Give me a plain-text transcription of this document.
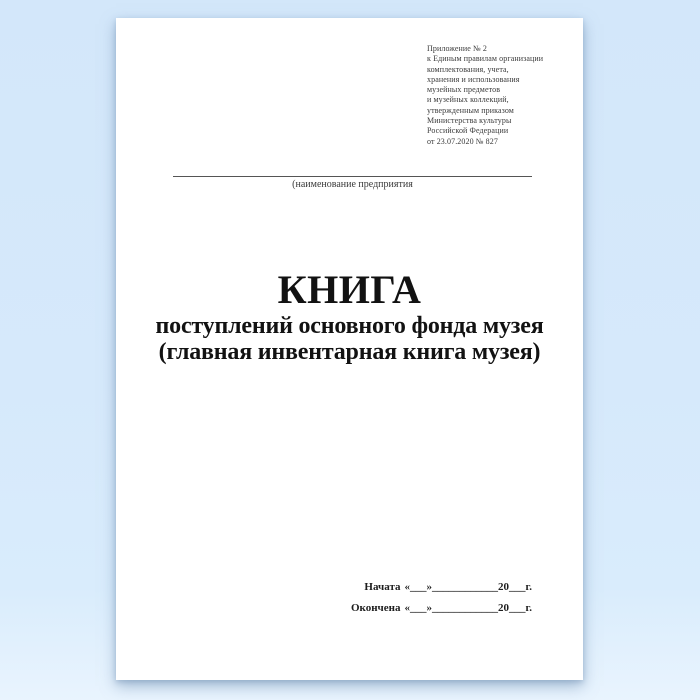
Приложение № 2
к Единым правилам организации
комплектования, учета,
хранения и использования
музейных предметов
и музейных коллекций,
утвержденным приказом
Министерства культуры
Российской Федерации
от 23.07.2020 № 827
(наименование предприятия
КНИГА
поступлений основного фонда музея
(главная инвентарная книга музея)
Начата «___»____________20___г.
Окончена «___»____________20___г.
